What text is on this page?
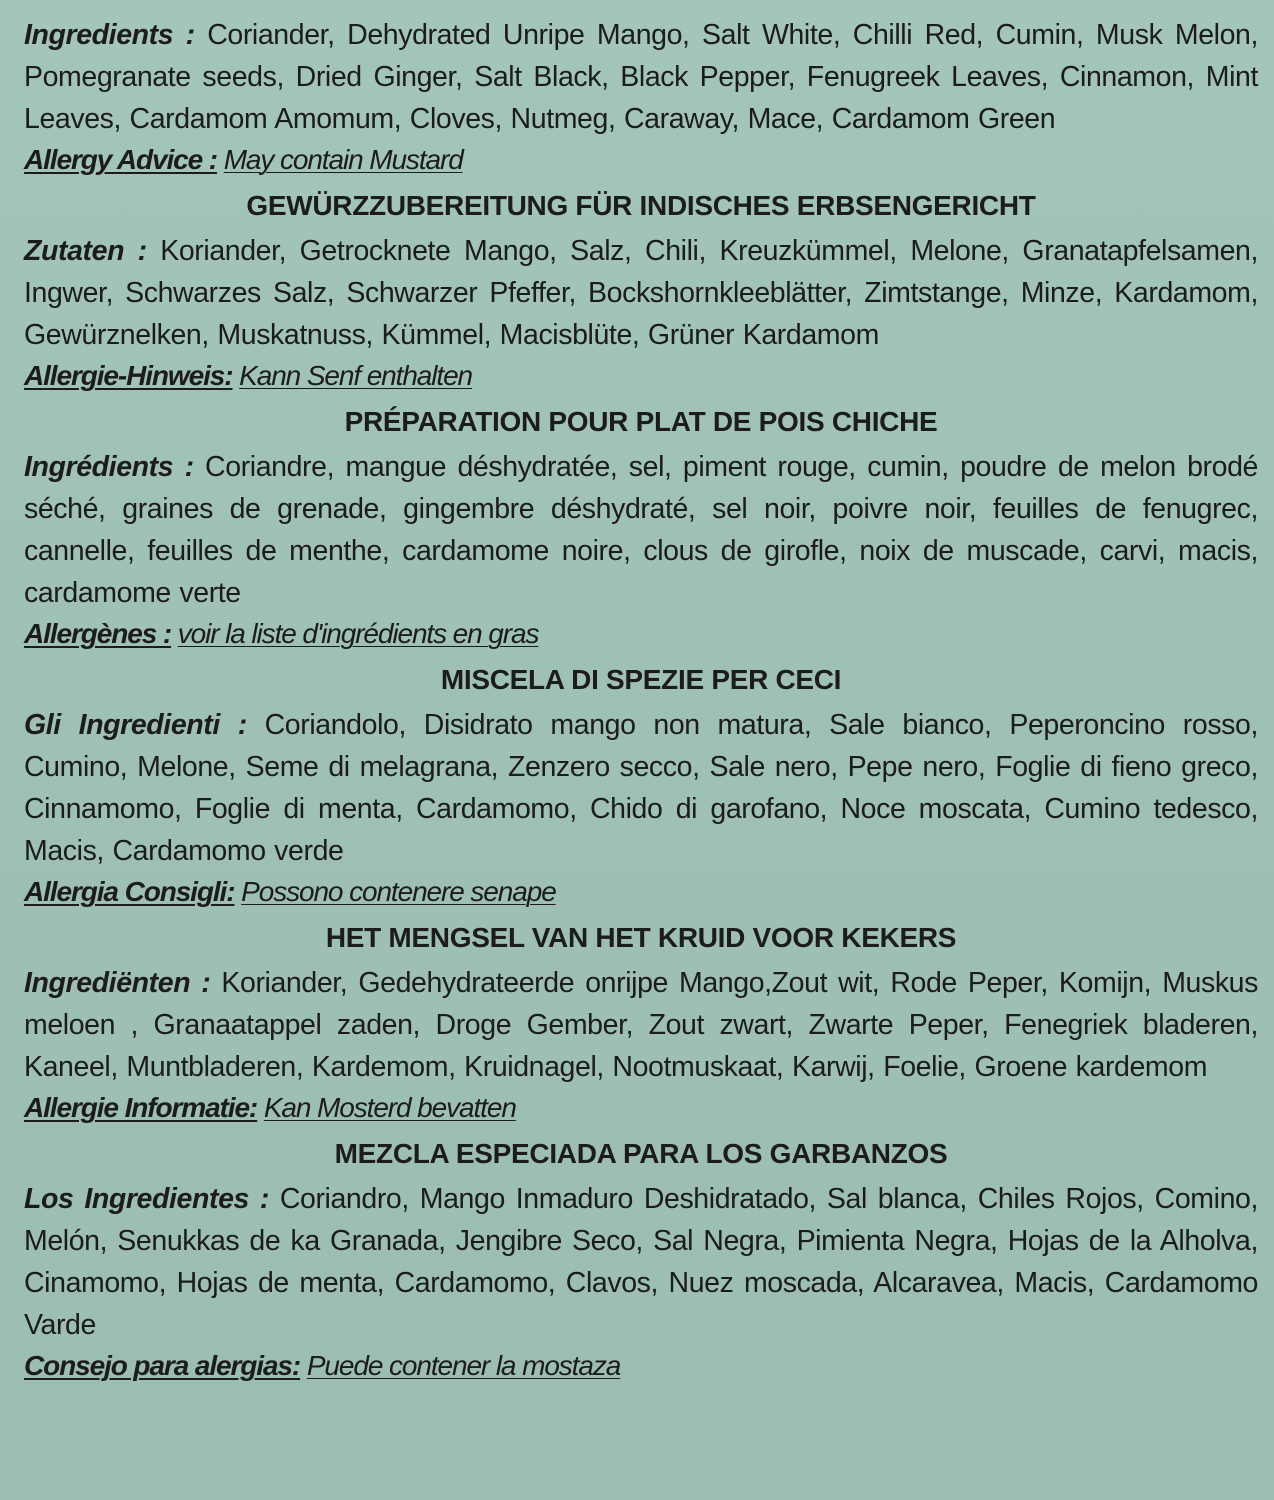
Ingredients : Coriander, Dehydrated Unripe Mango, Salt White, Chilli Red, Cumin, Musk Melon, Pomegranate seeds, Dried Ginger, Salt Black, Black Pepper, Fenugreek Leaves, Cinnamon, Mint Leaves, Cardamom Amomum, Cloves, Nutmeg, Caraway, Mace, Cardamom Green

Allergy Advice : May contain Mustard

GEWÜRZZUBEREITUNG FÜR INDISCHES ERBSENGERICHT

Zutaten : Koriander, Getrocknete Mango, Salz, Chili, Kreuzkümmel, Melone, Granatapfelsamen, Ingwer, Schwarzes Salz, Schwarzer Pfeffer, Bockshornkleeblätter, Zimtstange, Minze, Kardamom, Gewürznelken, Muskatnuss, Kümmel, Macisblüte, Grüner Kardamom

Allergie-Hinweis: Kann Senf enthalten

PRÉPARATION POUR PLAT DE POIS CHICHE

Ingrédients : Coriandre, mangue déshydratée, sel, piment rouge, cumin, poudre de melon brodé séché, graines de grenade, gingembre déshydraté, sel noir, poivre noir, feuilles de fenugrec, cannelle, feuilles de menthe, cardamome noire, clous de girofle, noix de muscade, carvi, macis, cardamome verte

Allergènes : voir la liste d'ingrédients en gras

MISCELA DI SPEZIE PER CECI

Gli Ingredienti : Coriandolo, Disidrato mango non matura, Sale bianco, Peperoncino rosso, Cumino, Melone, Seme di melagrana, Zenzero secco, Sale nero, Pepe nero, Foglie di fieno greco, Cinnamomo, Foglie di menta, Cardamomo, Chido di garofano, Noce moscata, Cumino tedesco, Macis, Cardamomo verde

Allergia Consigli: Possono contenere senape

HET MENGSEL VAN HET KRUID VOOR KEKERS

Ingrediënten : Koriander, Gedehydrateerde onrijpe Mango,Zout wit, Rode Peper, Komijn, Muskus meloen , Granaatappel zaden, Droge Gember, Zout zwart, Zwarte Peper, Fenegriek bladeren, Kaneel, Muntbladeren, Kardemom, Kruidnagel, Nootmuskaat, Karwij, Foelie, Groene kardemom

Allergie Informatie: Kan Mosterd bevatten

MEZCLA ESPECIADA PARA LOS GARBANZOS

Los Ingredientes : Coriandro, Mango Inmaduro Deshidratado, Sal blanca, Chiles Rojos, Comino, Melón, Senukkas de ka Granada, Jengibre Seco, Sal Negra, Pimienta Negra, Hojas de la Alholva, Cinamomo, Hojas de menta, Cardamomo, Clavos, Nuez moscada, Alcaravea, Macis, Cardamomo Varde

Consejo para alergias: Puede contener la mostaza
